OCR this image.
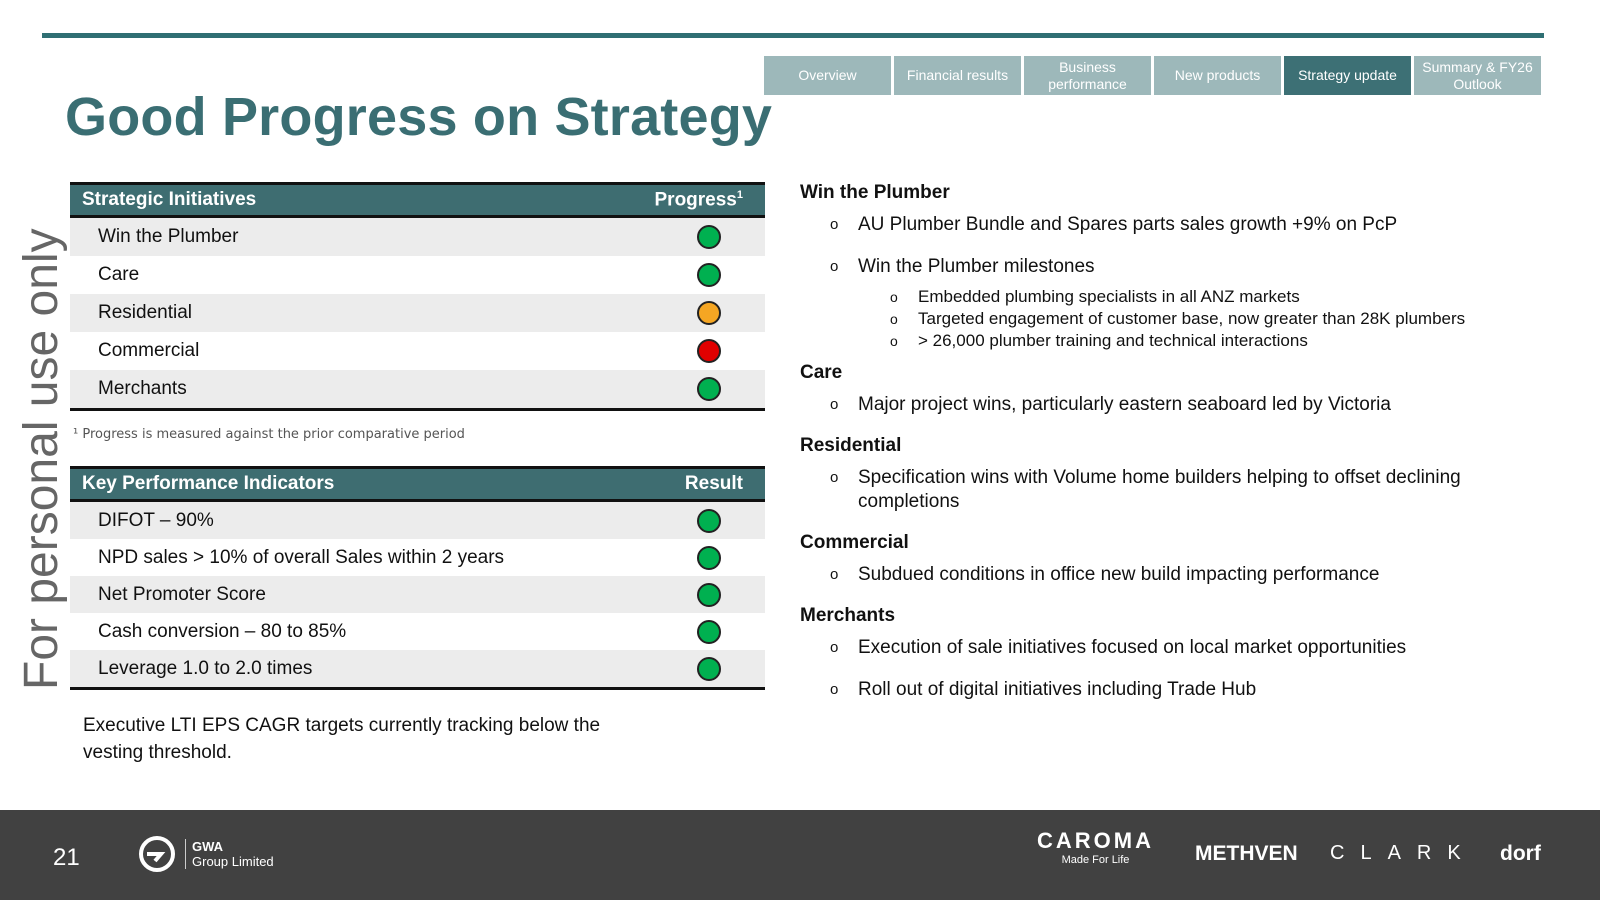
Overview	Financial results
Business performance
New products	Strategy update
Summary & FY26 Outlook
Good Progress on Strategy
For personal use only
Strategic Initiatives	Progress$^1$
Win the Plumber
Care
Residential
Commercial
Merchants
¹ Progress is measured against the prior comparative period
Key Performance Indicators	Result
DIFOT – 90%
NPD sales > 10% of overall Sales within 2 years
Net Promoter Score
Cash conversion – 80 to 85%
Leverage 1.0 to 2.0 times
Executive LTI EPS CAGR targets currently tracking below the vesting threshold.
Win the Plumber
o AU Plumber Bundle and Spares parts sales growth +9% on PcP
o Win the Plumber milestones
o Embedded plumbing specialists in all ANZ markets
o Targeted engagement of customer base, now greater than 28K plumbers
o > 26,000 plumber training and technical interactions
Care
o Major project wins, particularly eastern seaboard led by Victoria
Residential
o Specification wins with Volume home builders helping to offset declining completions
Commercial
o Subdued conditions in office new build impacting performance
Merchants
o Execution of sale initiatives focused on local market opportunities
o Roll out of digital initiatives including Trade Hub
21	GWA
Group Limited
CAROMA
Made For Life	METHVEN CLARK dorf
